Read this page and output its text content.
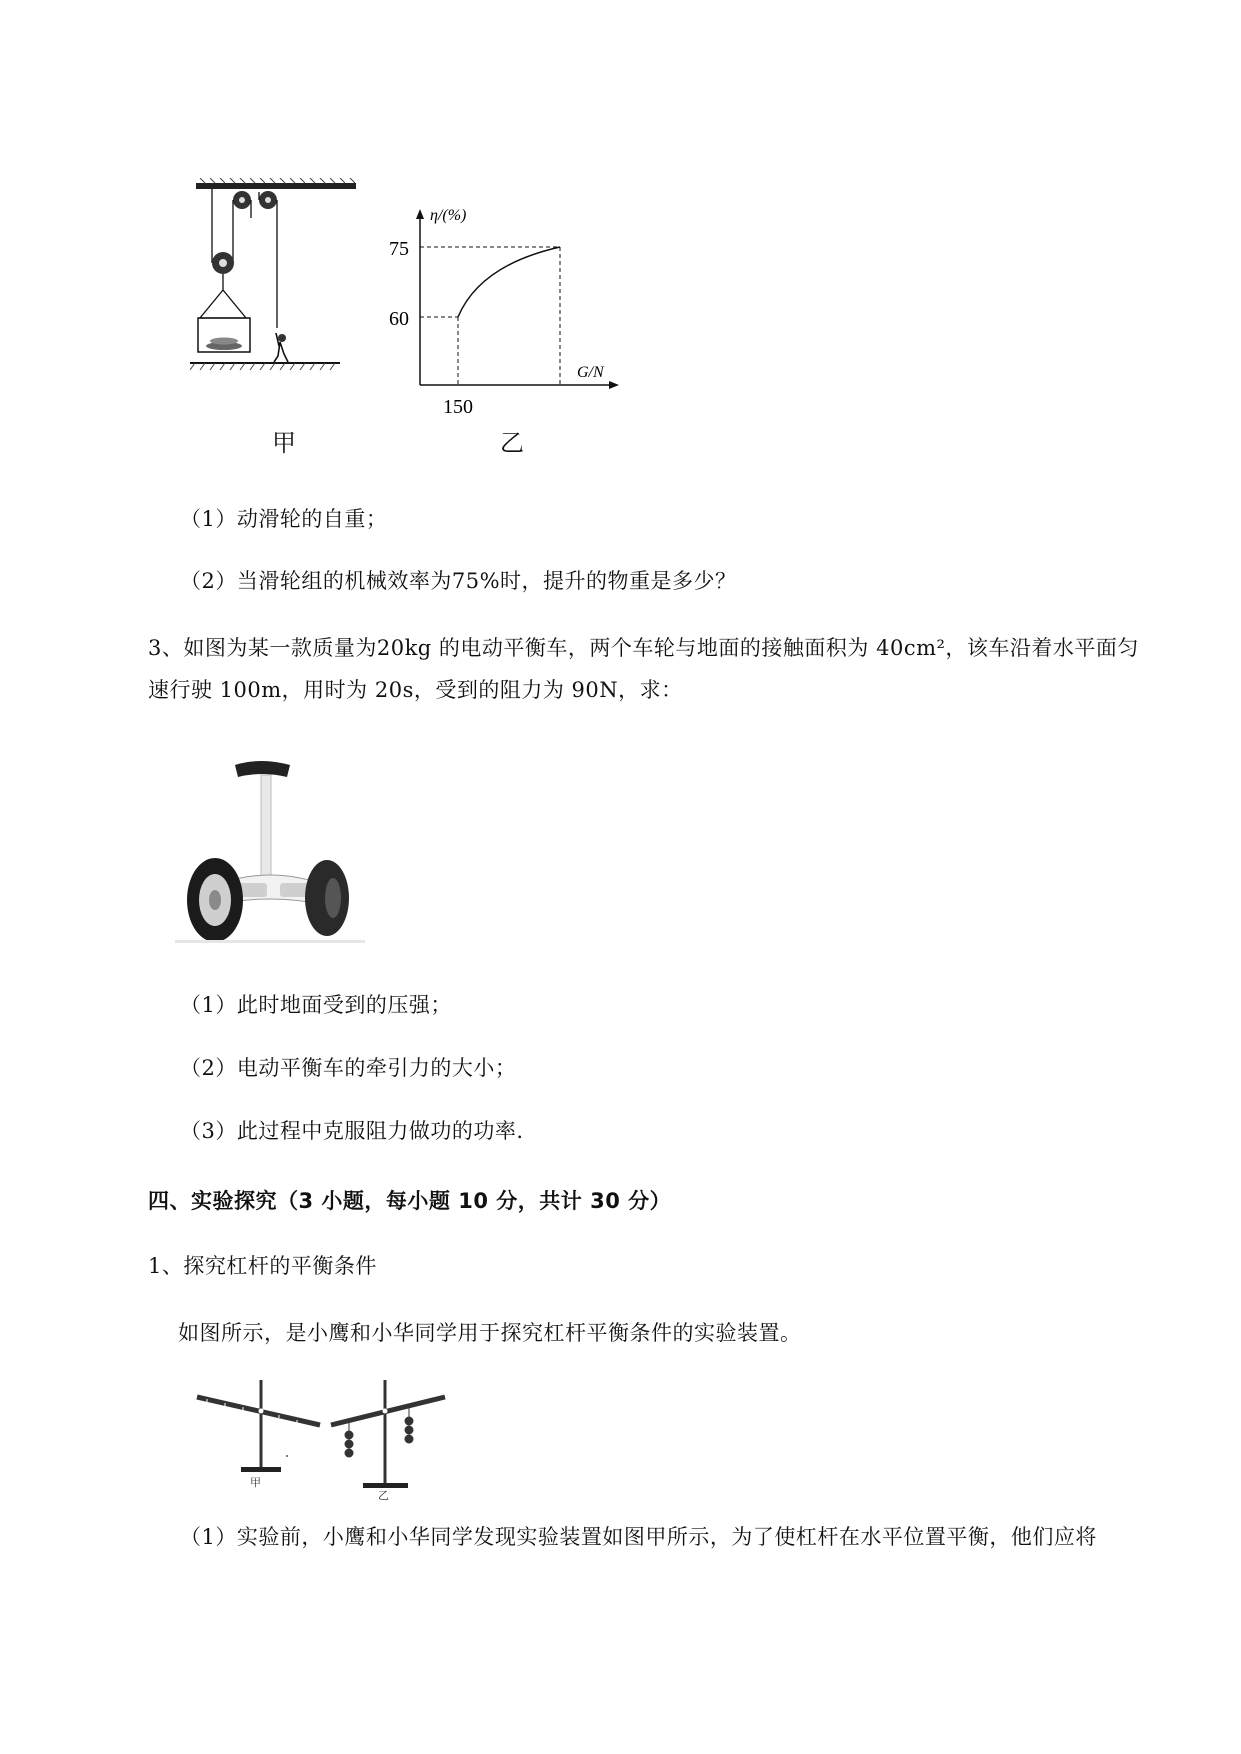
甲
75
60
150
η/(%)
G/N
乙
（1）动滑轮的自重；
（2）当滑轮组的机械效率为75%时，提升的物重是多少？
3、如图为某一款质量为20kg 的电动平衡车，两个车轮与地面的接触面积为 40cm²，该车沿着水平面匀
速行驶 100m，用时为 20s，受到的阻力为 90N，求：
（1）此时地面受到的压强；
（2）电动平衡车的牵引力的大小；
（3）此过程中克服阻力做功的功率.
四、实验探究（3 小题，每小题 10 分，共计 30 分）
1、探究杠杆的平衡条件
如图所示，是小鹰和小华同学用于探究杠杆平衡条件的实验装置。
甲
乙
（1）实验前，小鹰和小华同学发现实验装置如图甲所示，为了使杠杆在水平位置平衡，他们应将
